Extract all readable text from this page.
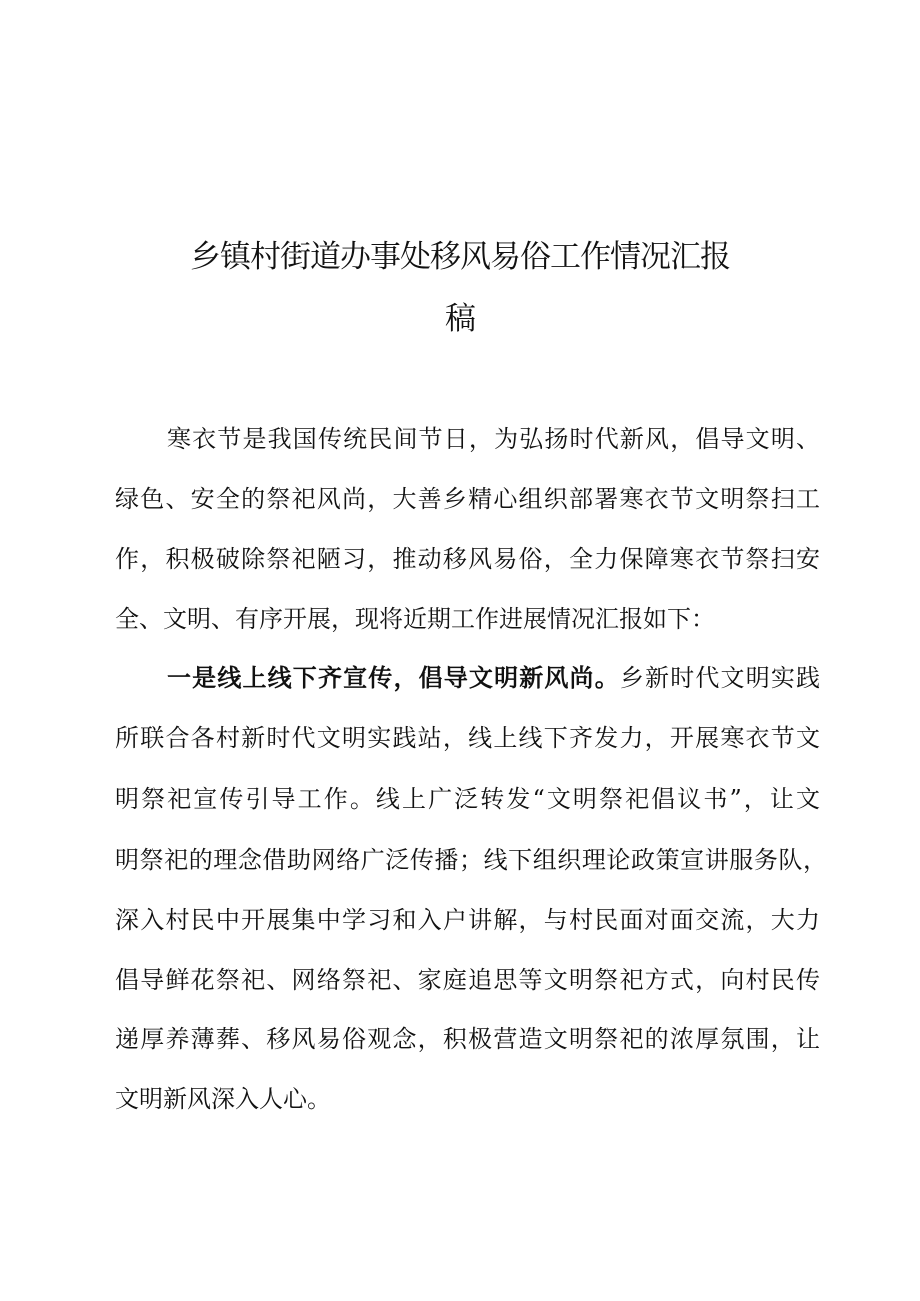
乡镇村街道办事处移风易俗工作情况汇报
稿
寒衣节是我国传统民间节日，为弘扬时代新风，倡导文明、
绿色、安全的祭祀风尚，大善乡精心组织部署寒衣节文明祭扫工
作，积极破除祭祀陋习，推动移风易俗，全力保障寒衣节祭扫安
全、文明、有序开展，现将近期工作进展情况汇报如下：
一是线上线下齐宣传，倡导文明新风尚。乡新时代文明实践
所联合各村新时代文明实践站，线上线下齐发力，开展寒衣节文
明祭祀宣传引导工作。线上广泛转发“文明祭祀倡议书”，让文
明祭祀的理念借助网络广泛传播；线下组织理论政策宣讲服务队，
深入村民中开展集中学习和入户讲解，与村民面对面交流，大力
倡导鲜花祭祀、网络祭祀、家庭追思等文明祭祀方式，向村民传
递厚养薄葬、移风易俗观念，积极营造文明祭祀的浓厚氛围，让
文明新风深入人心。
